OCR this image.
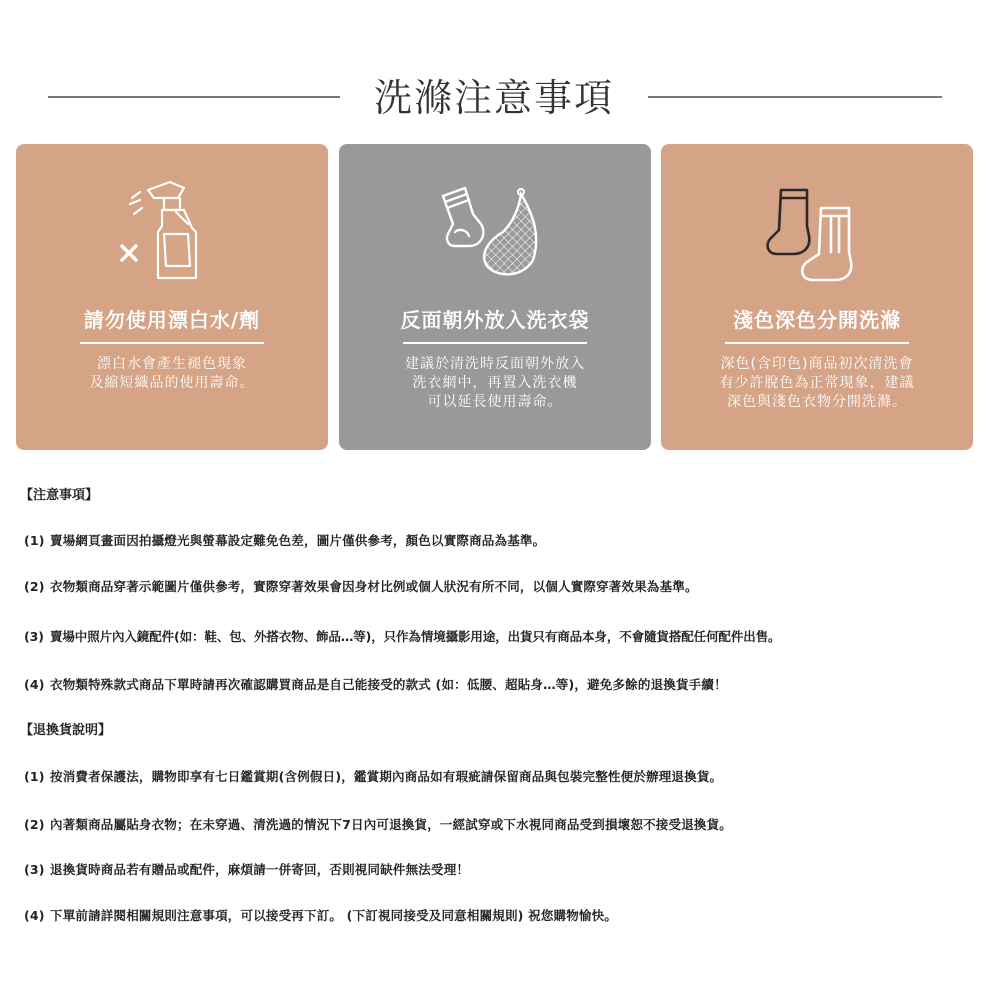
洗滌注意事項
請勿使用漂白水/劑
漂白水會產生褪色現象
及縮短織品的使用壽命。
反面朝外放入洗衣袋
建議於清洗時反面朝外放入
洗衣網中，再置入洗衣機
可以延長使用壽命。
淺色深色分開洗滌
深色(含印色)商品初次清洗會
有少許脫色為正常現象，建議
深色與淺色衣物分開洗滌。
【注意事項】
(1) 賣場網頁畫面因拍攝燈光與螢幕設定難免色差，圖片僅供參考，顏色以實際商品為基準。
(2) 衣物類商品穿著示範圖片僅供參考，實際穿著效果會因身材比例或個人狀況有所不同，以個人實際穿著效果為基準。
(3) 賣場中照片內入鏡配件(如：鞋、包、外搭衣物、飾品…等)，只作為情境攝影用途，出貨只有商品本身，不會隨貨搭配任何配件出售。
(4) 衣物類特殊款式商品下單時請再次確認購買商品是自己能接受的款式 (如：低腰、超貼身…等)，避免多餘的退換貨手續！
【退換貨說明】
(1) 按消費者保護法，購物即享有七日鑑賞期(含例假日)，鑑賞期內商品如有瑕疵請保留商品與包裝完整性便於辦理退換貨。
(2) 內著類商品屬貼身衣物；在未穿過、清洗過的情況下7日內可退換貨，一經試穿或下水視同商品受到損壞恕不接受退換貨。
(3) 退換貨時商品若有贈品或配件，麻煩請一併寄回，否則視同缺件無法受理！
(4) 下單前請詳閱相關規則注意事項，可以接受再下訂。 (下訂視同接受及同意相關規則) 祝您購物愉快。
